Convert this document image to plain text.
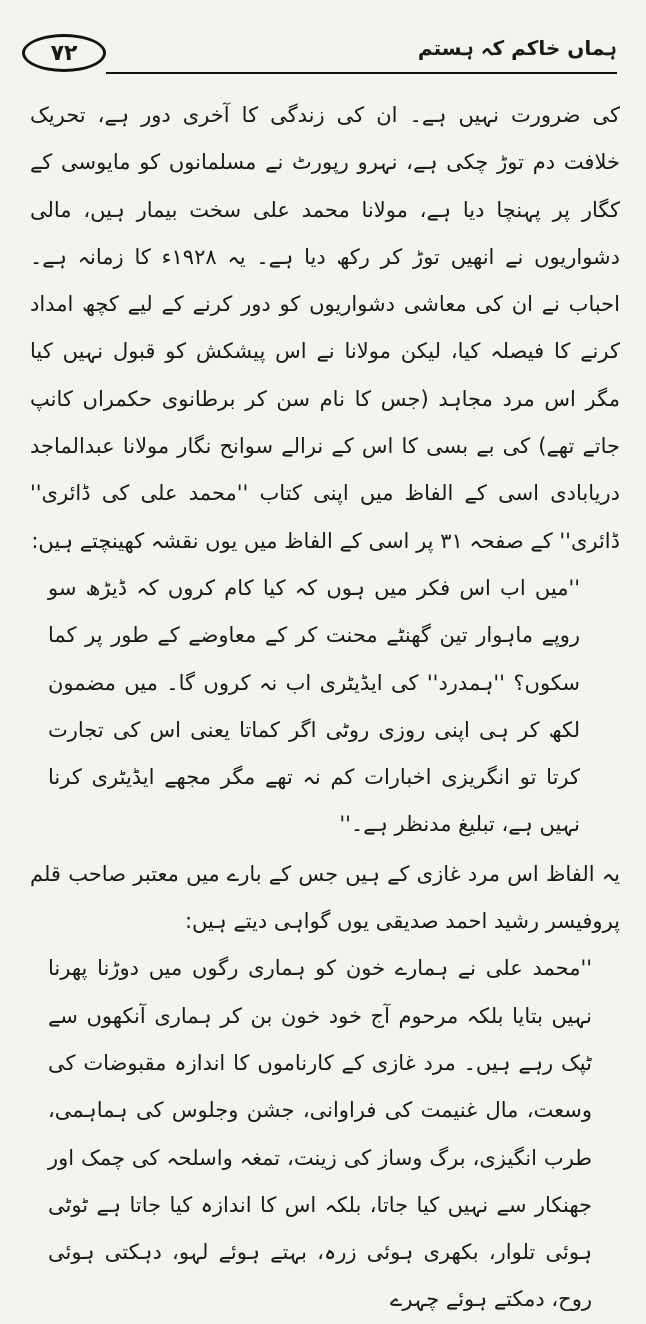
۷۲	ہماں خاکم کہ ہستم

کی ضرورت نہیں ہے۔ ان کی زندگی کا آخری دور ہے، تحریک خلافت دم توڑ چکی ہے، نہرو رپورٹ نے مسلمانوں کو مایوسی کے کگار پر پہنچا دیا ہے، مولانا محمد علی سخت بیمار ہیں، مالی دشواریوں نے انھیں توڑ کر رکھ دیا ہے۔ یہ ۱۹۲۸ء کا زمانہ ہے۔ احباب نے ان کی معاشی دشواریوں کو دور کرنے کے لیے کچھ امداد کرنے کا فیصلہ کیا، لیکن مولانا نے اس پیشکش کو قبول نہیں کیا مگر اس مرد مجاہد (جس کا نام سن کر برطانوی حکمراں کانپ جاتے تھے) کی بے بسی کا اس کے نرالے سوانح نگار مولانا عبدالماجد دریابادی اسی کے الفاظ میں اپنی کتاب ''محمد علی کی ڈائری'' ڈائری'' کے صفحہ ۳۱ پر اسی کے الفاظ میں یوں نقشہ کھینچتے ہیں:

''میں اب اس فکر میں ہوں کہ کیا کام کروں کہ ڈیڑھ سو روپے ماہوار تین گھنٹے محنت کر کے معاوضے کے طور پر کما سکوں؟ ''ہمدرد'' کی ایڈیٹری اب نہ کروں گا۔ میں مضمون لکھ کر ہی اپنی روزی روٹی اگر کماتا یعنی اس کی تجارت کرتا تو انگریزی اخبارات کم نہ تھے مگر مجھے ایڈیٹری کرنا نہیں ہے، تبلیغ مدنظر ہے۔''

یہ الفاظ اس مرد غازی کے ہیں جس کے بارے میں معتبر صاحب قلم پروفیسر رشید احمد صدیقی یوں گواہی دیتے ہیں:

''محمد علی نے ہمارے خون کو ہماری رگوں میں دوڑنا پھرنا نہیں بتایا بلکہ مرحوم آج خود خون بن کر ہماری آنکھوں سے ٹپک رہے ہیں۔ مرد غازی کے کارناموں کا اندازہ مقبوضات کی وسعت، مال غنیمت کی فراوانی، جشن وجلوس کی ہماہمی، طرب انگیزی، برگ وساز کی زینت، تمغہ واسلحہ کی چمک اور جھنکار سے نہیں کیا جاتا، بلکہ اس کا اندازہ کیا جاتا ہے ٹوٹی ہوئی تلوار، بکھری ہوئی زرہ، بہتے ہوئے لہو، دہکتی ہوئی روح، دمکتے ہوئے چہرے
